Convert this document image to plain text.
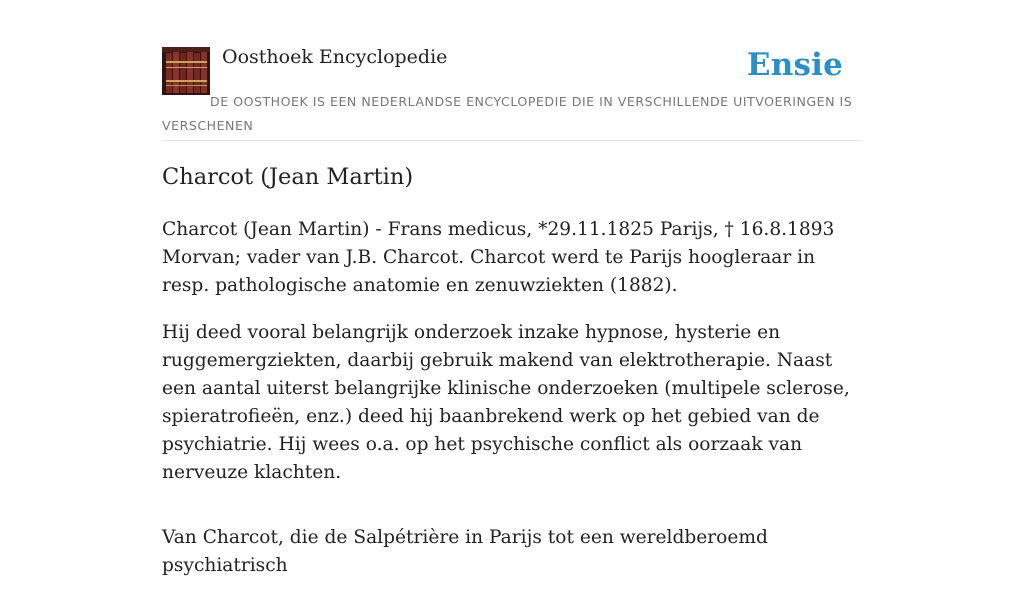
Oosthoek Encyclopedie	Ensie
DE OOSTHOEK IS EEN NEDERLANDSE ENCYCLOPEDIE DIE IN VERSCHILLENDE UITVOERINGEN IS VERSCHENEN
Charcot (Jean Martin)

Charcot (Jean Martin) - Frans medicus, *29.11.1825 Parijs, † 16.8.1893 Morvan; vader van J.B. Charcot. Charcot werd te Parijs hoogleraar in resp. pathologische anatomie en zenuwziekten (1882).

Hij deed vooral belangrijk onderzoek inzake hypnose, hysterie en ruggemergziekten, daarbij gebruik makend van elektrotherapie. Naast een aantal uiterst belangrijke klinische onderzoeken (multipele sclerose, spieratrofieën, enz.) deed hij baanbrekend werk op het gebied van de psychiatrie. Hij wees o.a. op het psychische conflict als oorzaak van nerveuze klachten.

Van Charcot, die de Salpétrière in Parijs tot een wereldberoemd psychiatrisch
